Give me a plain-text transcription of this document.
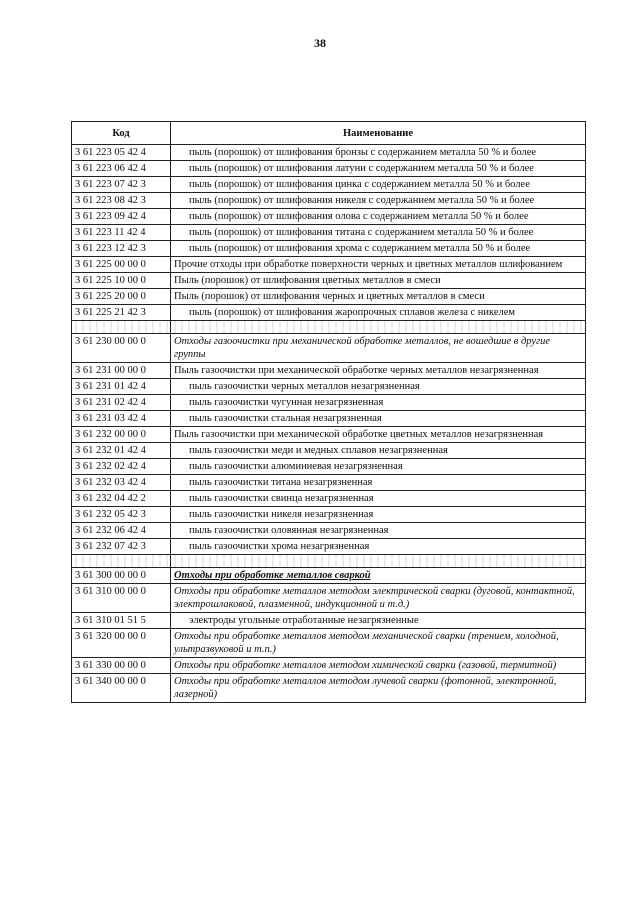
38
Код	Наименование
3 61 223 05 42 4	пыль (порошок) от шлифования бронзы с содержанием металла 50 % и более
3 61 223 06 42 4	пыль (порошок) от шлифования латуни с содержанием металла 50 % и более
3 61 223 07 42 3	пыль (порошок) от шлифования цинка с содержанием металла 50 % и более
3 61 223 08 42 3	пыль (порошок) от шлифования никеля с содержанием металла 50 % и более
3 61 223 09 42 4	пыль (порошок) от шлифования олова с содержанием металла 50 % и более
3 61 223 11 42 4	пыль (порошок) от шлифования титана с содержанием металла 50 % и более
3 61 223 12 42 3	пыль (порошок) от шлифования хрома с содержанием металла 50 % и более
3 61 225 00 00 0	Прочие отходы при обработке поверхности черных и цветных металлов шлифованием
3 61 225 10 00 0	Пыль (порошок) от шлифования цветных металлов в смеси
3 61 225 20 00 0	Пыль (порошок) от шлифования черных и цветных металлов в смеси
3 61 225 21 42 3	пыль (порошок) от шлифования жаропрочных сплавов железа с никелем

3 61 230 00 00 0	Отходы газоочистки при механической обработке металлов, не вошедшие в другие группы
3 61 231 00 00 0	Пыль газоочистки при механической обработке черных металлов незагрязненная
3 61 231 01 42 4	пыль газоочистки черных металлов незагрязненная
3 61 231 02 42 4	пыль газоочистки чугунная незагрязненная
3 61 231 03 42 4	пыль газоочистки стальная незагрязненная
3 61 232 00 00 0	Пыль газоочистки при механической обработке цветных металлов незагрязненная
3 61 232 01 42 4	пыль газоочистки меди и медных сплавов незагрязненная
3 61 232 02 42 4	пыль газоочистки алюминиевая незагрязненная
3 61 232 03 42 4	пыль газоочистки титана незагрязненная
3 61 232 04 42 2	пыль газоочистки свинца незагрязненная
3 61 232 05 42 3	пыль газоочистки никеля незагрязненная
3 61 232 06 42 4	пыль газоочистки оловянная незагрязненная
3 61 232 07 42 3	пыль газоочистки хрома незагрязненная

3 61 300 00 00 0	Отходы при обработке металлов сваркой
3 61 310 00 00 0	Отходы при обработке металлов методом электрической сварки (дуговой, контактной, электрошлаковой, плазменной, индукционной и т.д.)
3 61 310 01 51 5	электроды угольные отработанные незагрязненные
3 61 320 00 00 0	Отходы при обработке металлов методом механической сварки (трением, холодной, ультразвуковой и т.п.)
3 61 330 00 00 0	Отходы при обработке металлов методом химической сварки (газовой, термитной)
3 61 340 00 00 0	Отходы при обработке металлов методом лучевой сварки (фотонной, электронной, лазерной)
